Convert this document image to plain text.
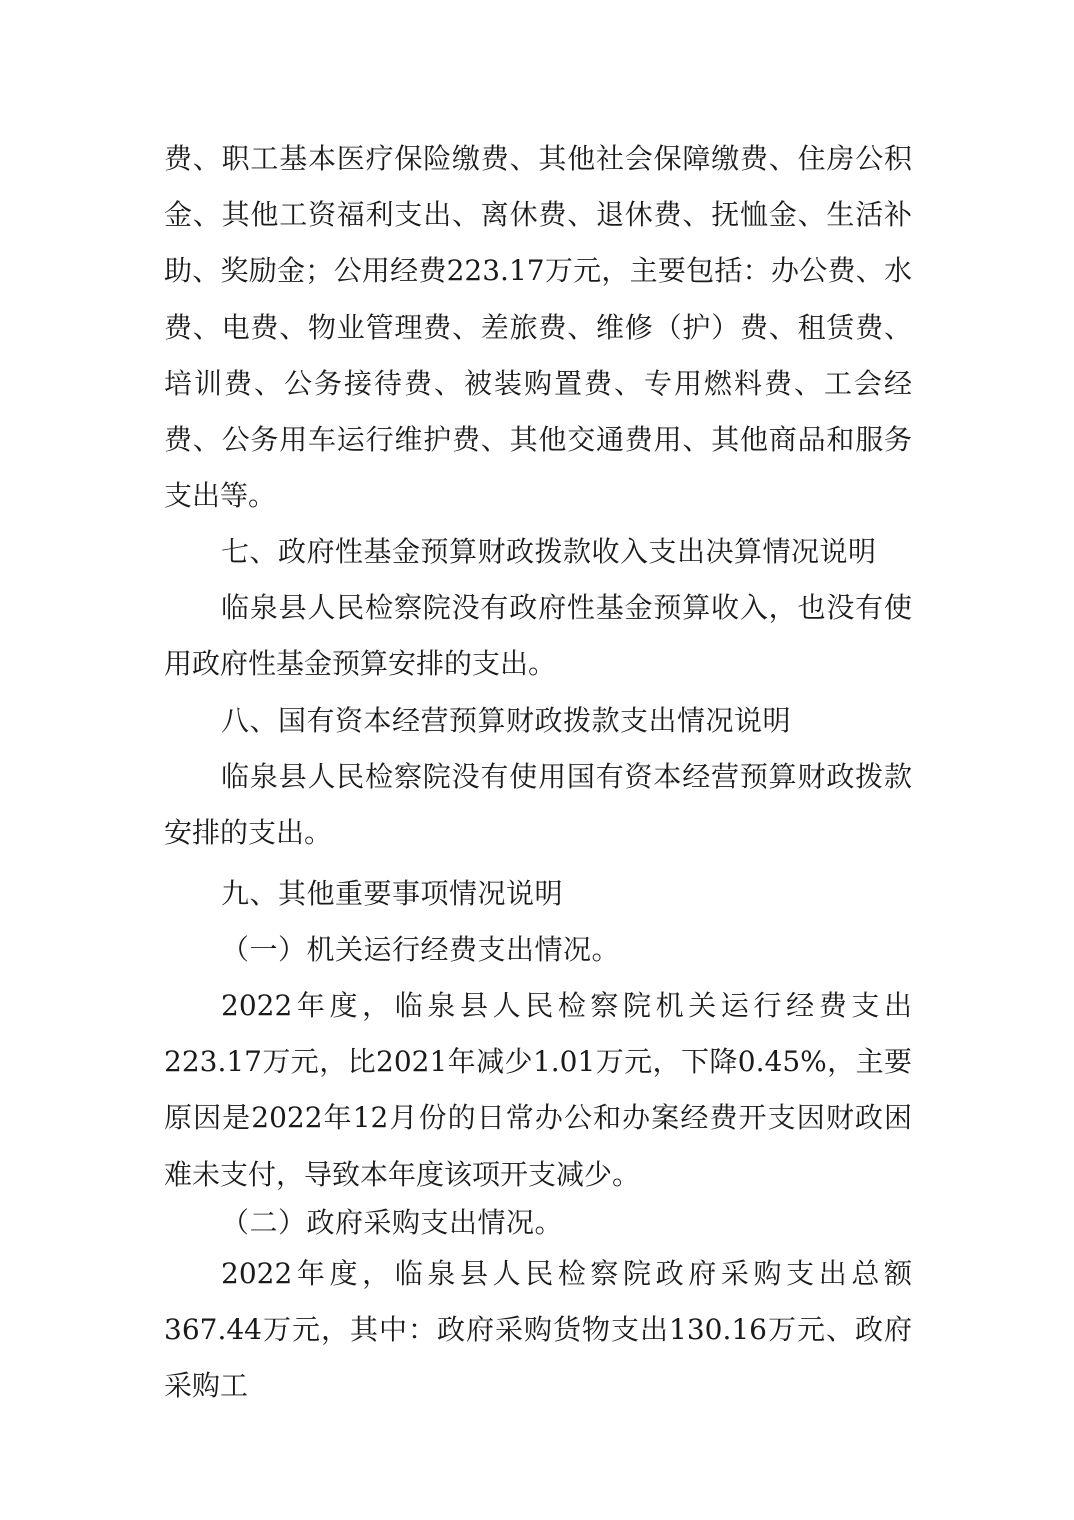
费、职工基本医疗保险缴费、其他社会保障缴费、住房公积金、其他工资福利支出、离休费、退休费、抚恤金、生活补助、奖励金；公用经费223.17万元，主要包括：办公费、水费、电费、物业管理费、差旅费、维修（护）费、租赁费、培训费、公务接待费、被装购置费、专用燃料费、工会经费、公务用车运行维护费、其他交通费用、其他商品和服务支出等。

七、政府性基金预算财政拨款收入支出决算情况说明

临泉县人民检察院没有政府性基金预算收入，也没有使用政府性基金预算安排的支出。

八、国有资本经营预算财政拨款支出情况说明

临泉县人民检察院没有使用国有资本经营预算财政拨款安排的支出。

九、其他重要事项情况说明
（一）机关运行经费支出情况。

2022年度，临泉县人民检察院机关运行经费支出223.17万元，比2021年减少1.01万元，下降0.45%，主要原因是2022年12月份的日常办公和办案经费开支因财政困难未支付，导致本年度该项开支减少。

（二）政府采购支出情况。

2022年度，临泉县人民检察院政府采购支出总额367.44万元，其中：政府采购货物支出130.16万元、政府采购工
